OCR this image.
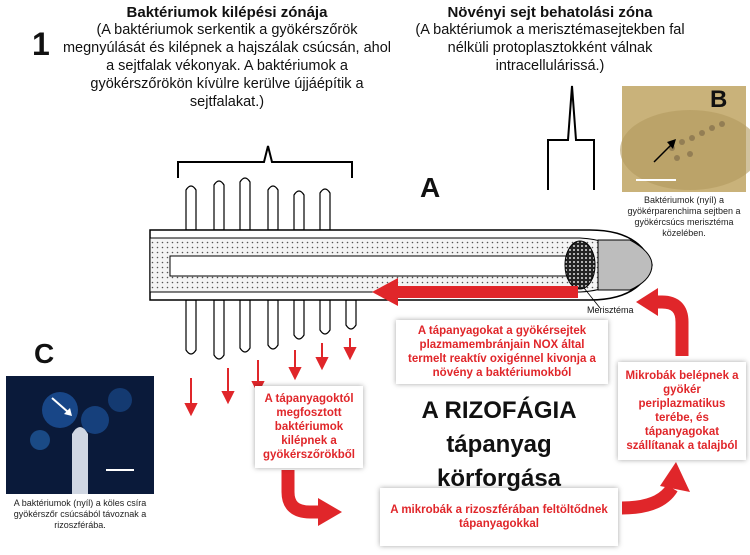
1
A
C
Baktériumok kilépési zónája
(A baktériumok serkentik a gyökérszőrök megnyúlását és kilépnek a hajszálak csúcsán, ahol a sejtfalak vékonyak. A baktériumok a gyökérszőrökön kívülre kerülve újjáépítik a sejtfalakat.)
Növényi sejt behatolási zóna
(A baktériumok a merisztémasejtekben fal nélküli protoplasztokként válnak intracellulárissá.)
B
Merisztéma
Baktériumok (nyíl) a gyökérparenchima sejtben a gyökércsúcs merisztéma közelében.
A baktériumok (nyíl) a köles csíra gyökérszőr csúcsából távoznak a rizoszférába.
A tápanyagokat a gyökérsejtek plazmamembránjain NOX által termelt reaktív oxigénnel kivonja a növény a baktériumokból
A tápanyagoktól megfosztott baktériumok kilépnek a gyökérszőrökből
Mikrobák belépnek a gyökér periplazmatikus terébe, és tápanyagokat szállítanak a talajból
A mikrobák a rizoszférában feltöltődnek tápanyagokkal
A RIZOFÁGIA
tápanyag
körforgása
